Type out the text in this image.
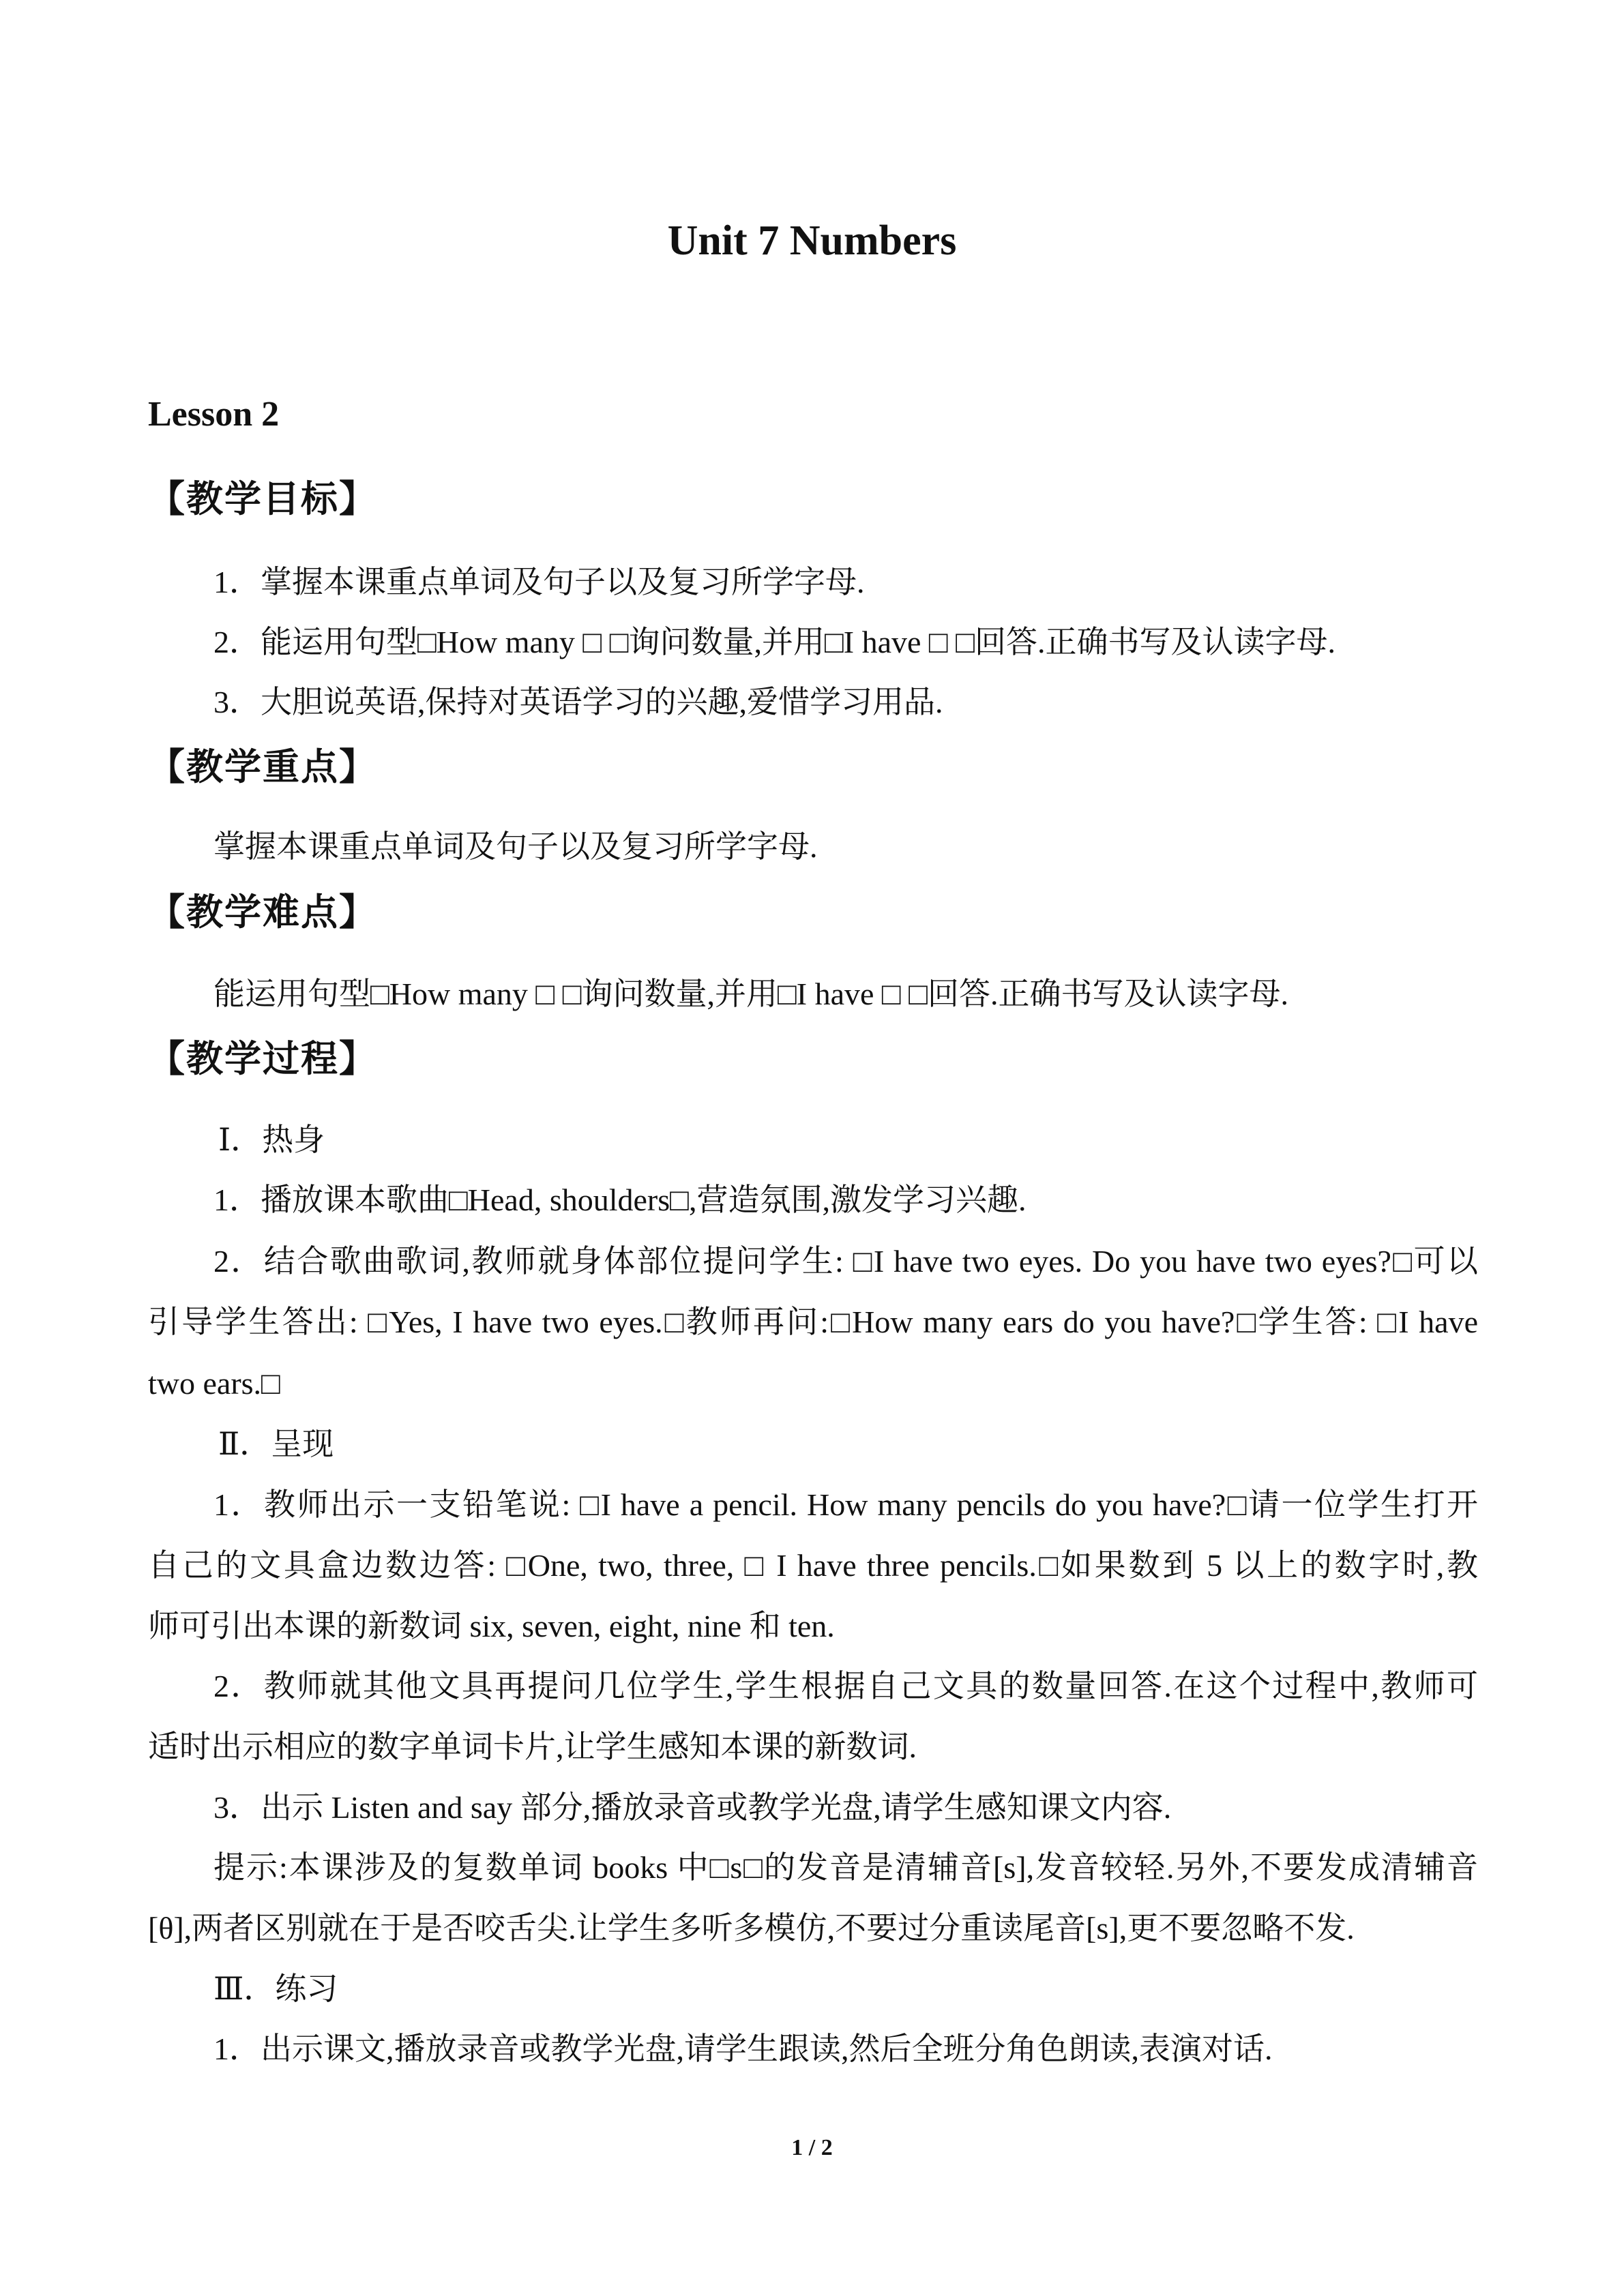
Unit 7 Numbers
Lesson 2
【教学目标】
1．掌握本课重点单词及句子以及复习所学字母.
2．能运用句型□How many □ □询问数量,并用□I have □ □回答.正确书写及认读字母.
3．大胆说英语,保持对英语学习的兴趣,爱惜学习用品.
【教学重点】
掌握本课重点单词及句子以及复习所学字母.
【教学难点】
能运用句型□How many □ □询问数量,并用□I have □ □回答.正确书写及认读字母.
【教学过程】
Ⅰ．热身
1．播放课本歌曲□Head, shoulders□,营造氛围,激发学习兴趣.
2．结合歌曲歌词,教师就身体部位提问学生: □I have two eyes. Do you have two eyes?□可以
引导学生答出: □Yes, I have two eyes.□教师再问:□How many ears do you have?□学生答: □I have
two ears.□
Ⅱ．呈现
1．教师出示一支铅笔说: □I have a pencil. How many pencils do you have?□请一位学生打开
自己的文具盒边数边答: □One, two, three, □ I have three pencils.□如果数到 5 以上的数字时,教
师可引出本课的新数词 six, seven, eight, nine 和 ten.
2．教师就其他文具再提问几位学生,学生根据自己文具的数量回答.在这个过程中,教师可
适时出示相应的数字单词卡片,让学生感知本课的新数词.
3．出示 Listen and say 部分,播放录音或教学光盘,请学生感知课文内容.
提示:本课涉及的复数单词 books 中□s□的发音是清辅音[s],发音较轻.另外,不要发成清辅音
[θ],两者区别就在于是否咬舌尖.让学生多听多模仿,不要过分重读尾音[s],更不要忽略不发.
Ⅲ．练习
1．出示课文,播放录音或教学光盘,请学生跟读,然后全班分角色朗读,表演对话.
1 / 2
